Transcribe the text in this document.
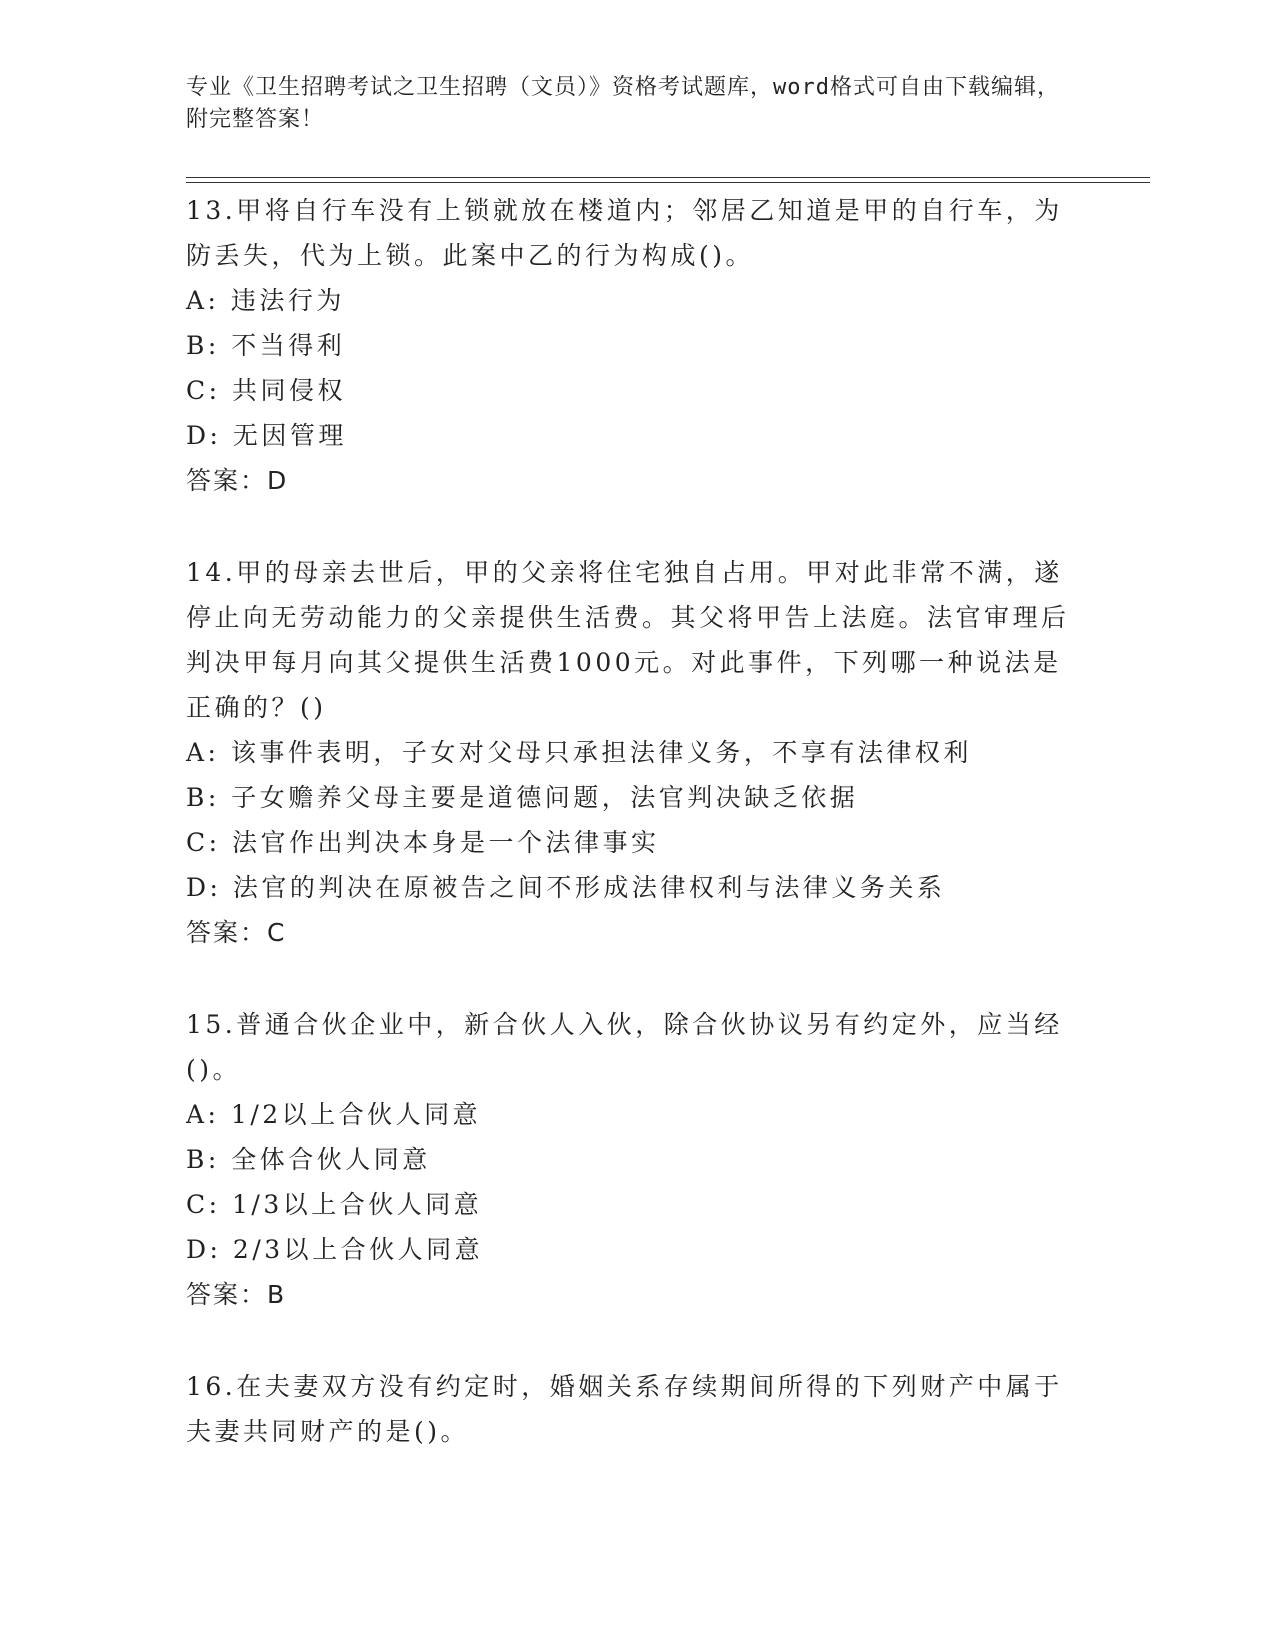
专业《卫生招聘考试之卫生招聘（文员）》资格考试题库，word格式可自由下载编辑，附完整答案！

13.甲将自行车没有上锁就放在楼道内；邻居乙知道是甲的自行车，为防丢失，代为上锁。此案中乙的行为构成()。

A: 违法行为

B: 不当得利

C: 共同侵权

D: 无因管理

答案：D

14.甲的母亲去世后，甲的父亲将住宅独自占用。甲对此非常不满，遂停止向无劳动能力的父亲提供生活费。其父将甲告上法庭。法官审理后判决甲每月向其父提供生活费1000元。对此事件，下列哪一种说法是正确的？()

A: 该事件表明，子女对父母只承担法律义务，不享有法律权利

B: 子女赡养父母主要是道德问题，法官判决缺乏依据

C: 法官作出判决本身是一个法律事实

D: 法官的判决在原被告之间不形成法律权利与法律义务关系

答案：C

15.普通合伙企业中，新合伙人入伙，除合伙协议另有约定外，应当经()。

A: 1/2以上合伙人同意

B: 全体合伙人同意

C: 1/3以上合伙人同意

D: 2/3以上合伙人同意

答案：B

16.在夫妻双方没有约定时，婚姻关系存续期间所得的下列财产中属于夫妻共同财产的是()。
